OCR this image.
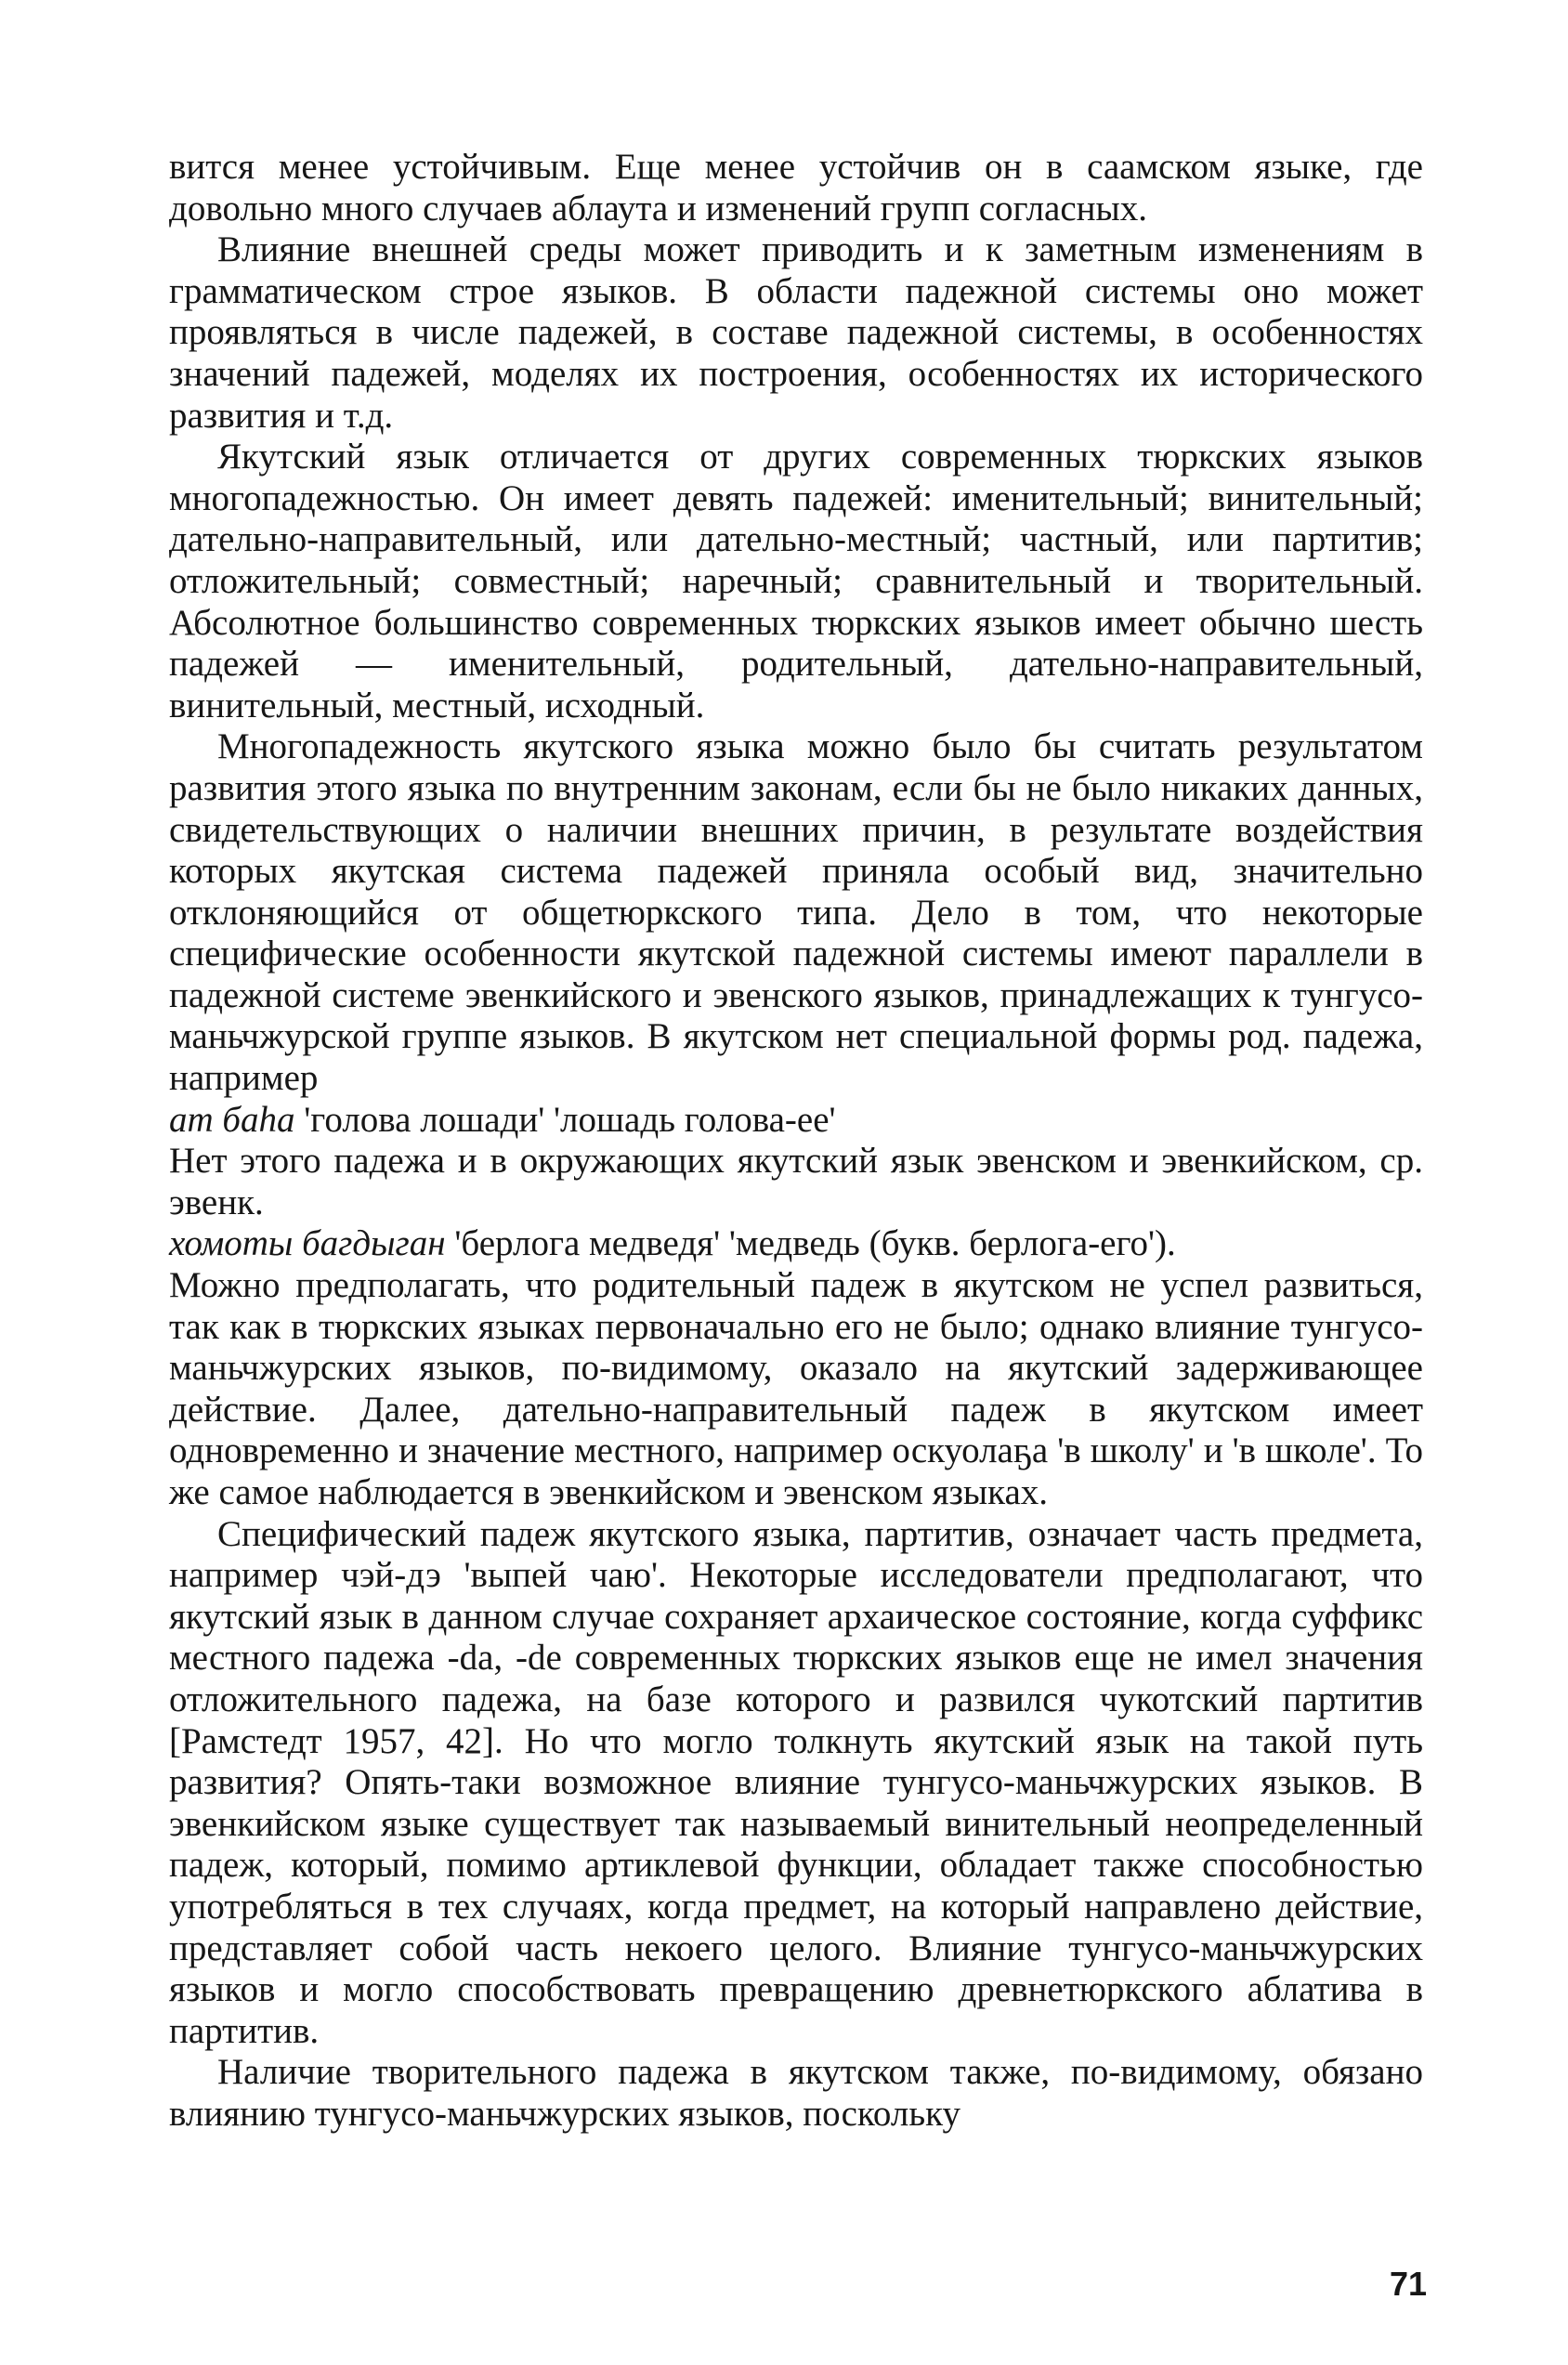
вится менее устойчивым. Еще менее устойчив он в саамском языке, где довольно много случаев аблаута и изменений групп согласных.

Влияние внешней среды может приводить и к заметным изменениям в грамматическом строе языков. В области падежной системы оно может проявляться в числе падежей, в составе падежной системы, в особенностях значений падежей, моделях их построения, особенностях их исторического развития и т.д.

Якутский язык отличается от других современных тюркских языков многопадежностью. Он имеет девять падежей: именительный; винительный; дательно-направительный, или дательно-местный; частный, или партитив; отложительный; совместный; наречный; сравнительный и творительный. Абсолютное большинство современных тюркских языков имеет обычно шесть падежей — именительный, родительный, дательно-направительный, винительный, местный, исходный.

Многопадежность якутского языка можно было бы считать результатом развития этого языка по внутренним законам, если бы не было никаких данных, свидетельствующих о наличии внешних причин, в результате воздействия которых якутская система падежей приняла особый вид, значительно отклоняющийся от общетюркского типа. Дело в том, что некоторые специфические особенности якутской падежной системы имеют параллели в падежной системе эвенкийского и эвенского языков, принадлежащих к тунгусо-маньчжурской группе языков. В якутском нет специальной формы род. падежа, например

am баhа 'голова лошади' 'лошадь голова-ее'

Нет этого падежа и в окружающих якутский язык эвенском и эвенкийском, ср. эвенк.

хомоты багдыган 'берлога медведя' 'медведь (букв. берлога-его').

Можно предполагать, что родительный падеж в якутском не успел развиться, так как в тюркских языках первоначально его не было; однако влияние тунгусо-маньчжурских языков, по-видимому, оказало на якутский задерживающее действие. Далее, дательно-направительный падеж в якутском имеет одновременно и значение местного, например оскуолаҕа 'в школу' и 'в школе'. То же самое наблюдается в эвенкийском и эвенском языках.

Специфический падеж якутского языка, партитив, означает часть предмета, например чэй-дэ 'выпей чаю'. Некоторые исследователи предполагают, что якутский язык в данном случае сохраняет архаическое состояние, когда суффикс местного падежа -da, -de современных тюркских языков еще не имел значения отложительного падежа, на базе которого и развился чукотский партитив [Рамстедт 1957, 42]. Но что могло толкнуть якутский язык на такой путь развития? Опять-таки возможное влияние тунгусо-маньчжурских языков. В эвенкийском языке существует так называемый винительный неопределенный падеж, который, помимо артиклевой функции, обладает также способностью употребляться в тех случаях, когда предмет, на который направлено действие, представляет собой часть некоего целого. Влияние тунгусо-маньчжурских языков и могло способствовать превращению древнетюркского аблатива в партитив.

Наличие творительного падежа в якутском также, по-видимому, обязано влиянию тунгусо-маньчжурских языков, поскольку

71
